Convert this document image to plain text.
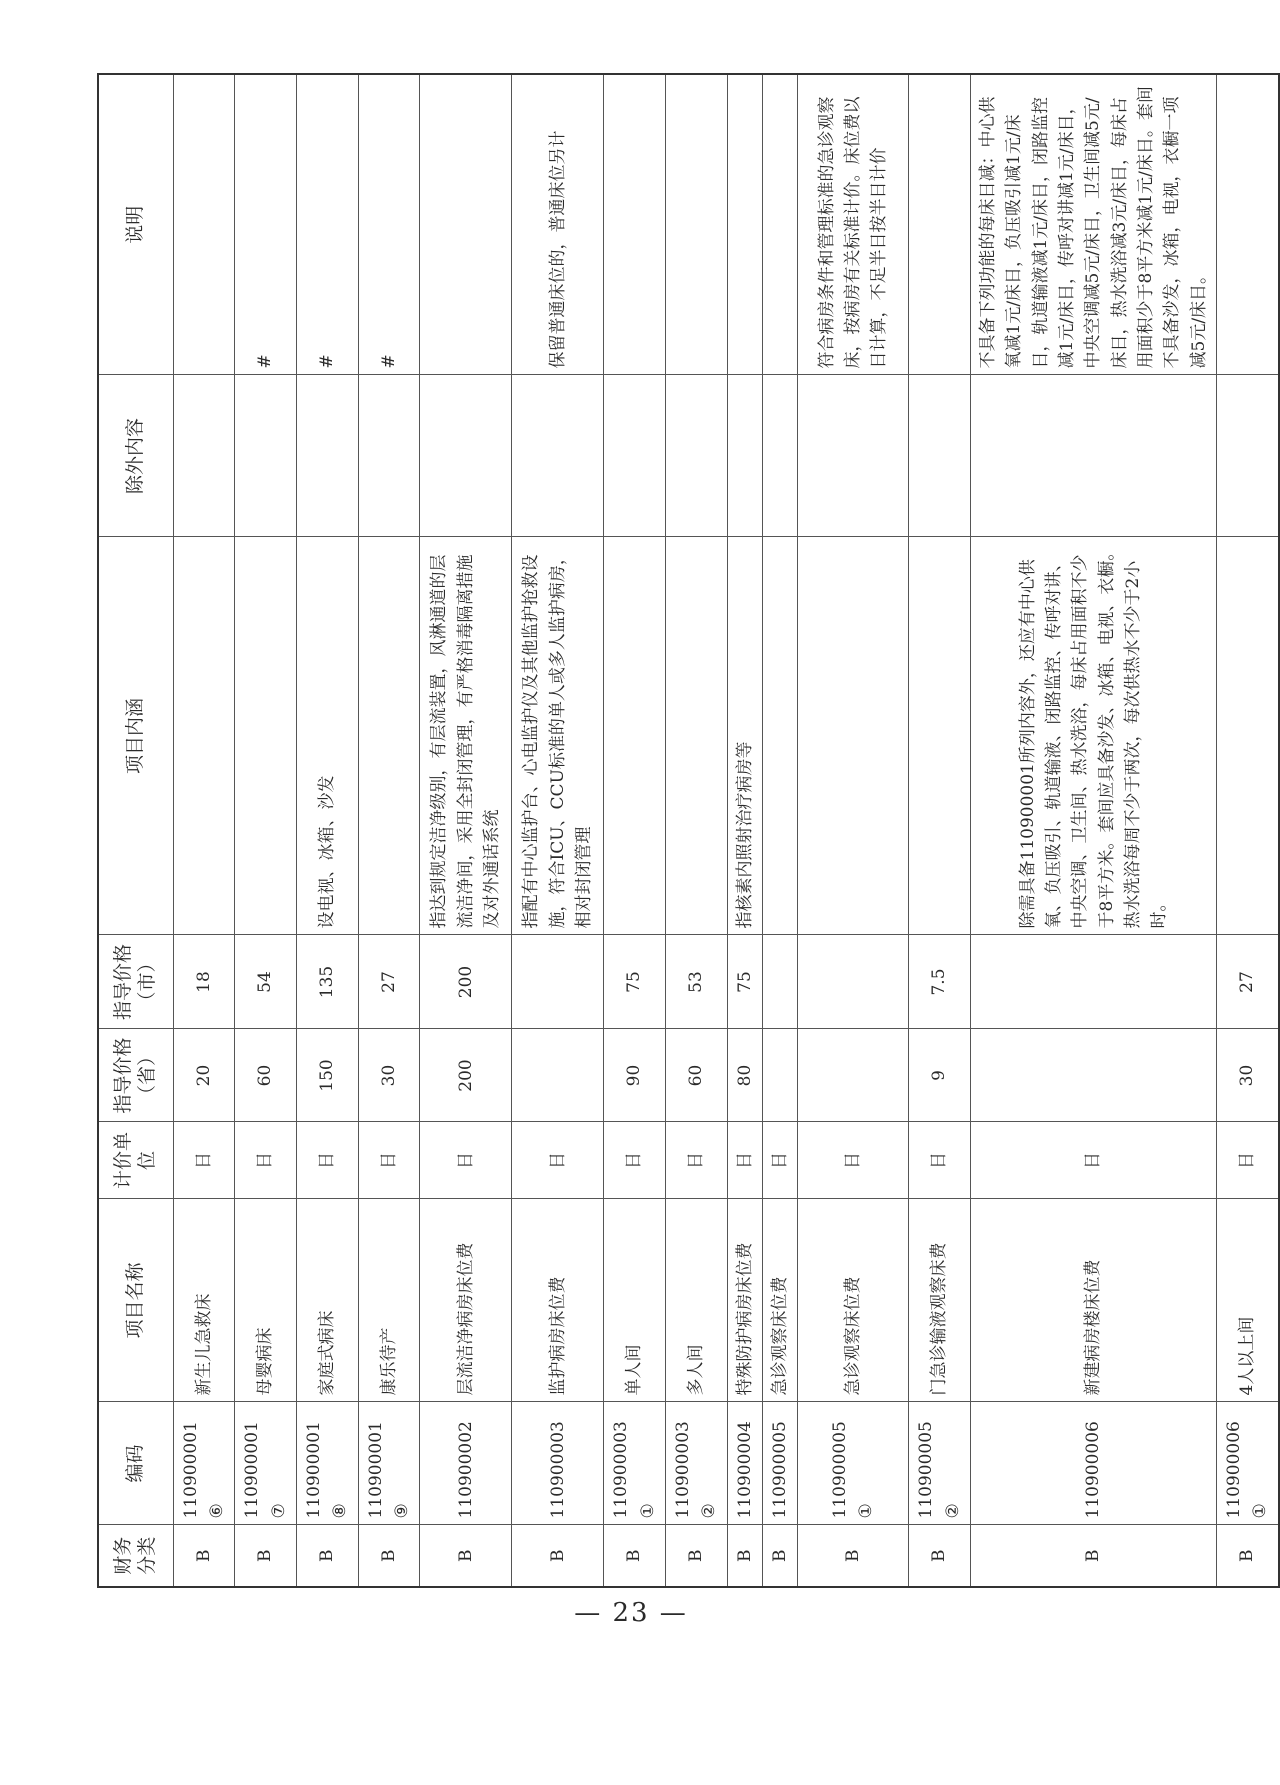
财务分类	编码	项目名称	计价单位	指导价格（省）	指导价格（市）	项目内涵	除外内容	说明
B	110900001⑥	新生儿急救床	日	20	18			
B	110900001⑦	母婴病床	日	60	54			#
B	110900001⑧	家庭式病床	日	150	135	设电视、冰箱、沙发		#
B	110900001⑨	康乐待产	日	30	27			#
B	110900002	层流洁净病房床位费	日	200	200	指达到规定洁净级别，有层流装置，风淋通道的层流洁净间，采用全封闭管理，有严格消毒隔离措施及对外通话系统		
B	110900003	监护病房床位费	日			指配有中心监护台、心电监护仪及其他监护抢救设施，符合ICU、CCU标准的单人或多人监护病房，相对封闭管理		保留普通床位的，普通床位另计
B	110900003①	单人间	日	90	75			
B	110900003②	多人间	日	60	53			
B	110900004	特殊防护病房床位费	日	80	75	指核素内照射治疗病房等		
B	110900005	急诊观察床位费	日					
B	110900005①	急诊观察床位费	日					符合病房条件和管理标准的急诊观察床，按病房有关标准计价。床位费以日计算，不足半日按半日计价
B	110900005②	门急诊输液观察床费	日	9	7.5			
B	110900006	新建病房楼床位费	日			除需具备110900001所列内容外，还应有中心供氧、负压吸引、轨道输液、闭路监控、传呼对讲、中央空调、卫生间、热水洗浴，每床占用面积不少于8平方米。套间应具备沙发、冰箱、电视、衣橱。热水洗浴每周不少于两次，每次供热水不少于2小时。		不具备下列功能的每床日减：中心供氧减1元/床日，负压吸引减1元/床日，轨道输液减1元/床日，闭路监控减1元/床日，传呼对讲减1元/床日，中央空调减5元/床日，卫生间减5元/床日，热水洗浴减3元/床日，每床占用面积少于8平方米减1元/床日。套间不具备沙发，冰箱，电视，衣橱一项减5元/床日。
B	110900006①	4人以上间	日	30	27			
— 23 —
